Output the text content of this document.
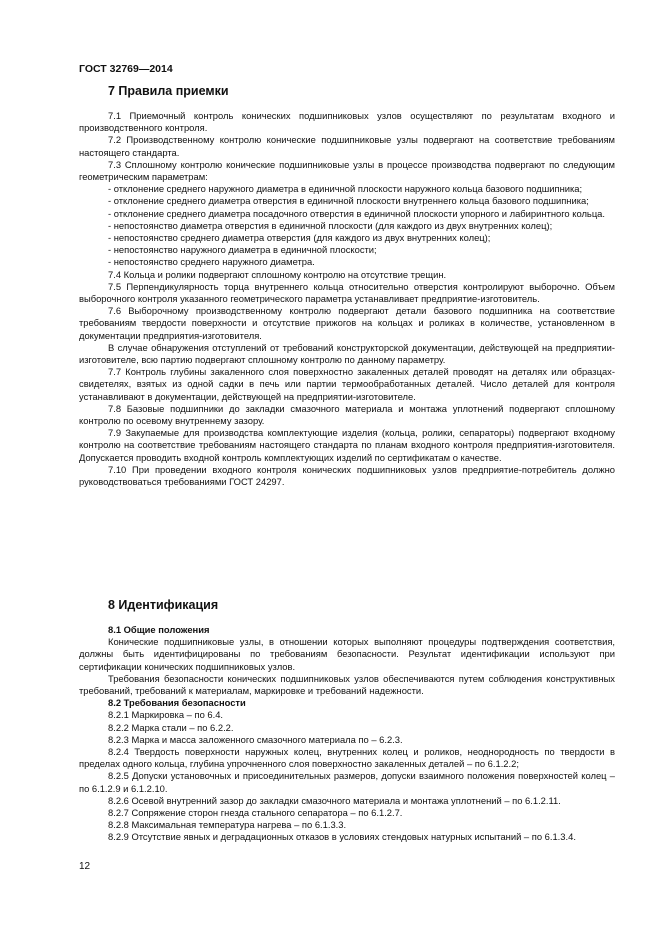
ГОСТ 32769—2014
7 Правила приемки

7.1 Приемочный контроль конических подшипниковых узлов осуществляют по результатам входного и производственного контроля.

7.2 Производственному контролю конические подшипниковые узлы подвергают на соответствие требованиям настоящего стандарта.

7.3 Сплошному контролю конические подшипниковые узлы в процессе производства подвергают по следующим геометрическим параметрам:

- отклонение среднего наружного диаметра в единичной плоскости наружного кольца базового подшипника;

- отклонение среднего диаметра отверстия в единичной плоскости внутреннего кольца базового подшипника;

- отклонение среднего диаметра посадочного отверстия в единичной плоскости упорного и лабиринтного кольца.

- непостоянство диаметра отверстия в единичной плоскости (для каждого из двух внутренних колец);

- непостоянство среднего диаметра отверстия (для каждого из двух внутренних колец);

- непостоянство наружного диаметра в единичной плоскости;

- непостоянство среднего наружного диаметра.

7.4 Кольца и ролики подвергают сплошному контролю на отсутствие трещин.

7.5 Перпендикулярность торца внутреннего кольца относительно отверстия контролируют выборочно. Объем выборочного контроля указанного геометрического параметра устанавливает предприятие-изготовитель.

7.6 Выборочному производственному контролю подвергают детали базового подшипника на соответствие требованиям твердости поверхности и отсутствие прижогов на кольцах и роликах в количестве, установленном в документации предприятия-изготовителя.

В случае обнаружения отступлений от требований конструкторской документации, действующей на предприятии-изготовителе, всю партию подвергают сплошному контролю по данному параметру.

7.7 Контроль глубины закаленного слоя поверхностно закаленных деталей проводят на деталях или образцах-свидетелях, взятых из одной садки в печь или партии термообработанных деталей. Число деталей для контроля устанавливают в документации, действующей на предприятии-изготовителе.

7.8 Базовые подшипники до закладки смазочного материала и монтажа уплотнений подвергают сплошному контролю по осевому внутреннему зазору.

7.9 Закупаемые для производства комплектующие изделия (кольца, ролики, сепараторы) подвергают входному контролю на соответствие требованиям настоящего стандарта по планам входного контроля предприятия-изготовителя. Допускается проводить входной контроль комплектующих изделий по сертификатам о качестве.

7.10 При проведении входного контроля конических подшипниковых узлов предприятие-потребитель должно руководствоваться требованиями ГОСТ 24297.

8 Идентификация

8.1 Общие положения

Конические подшипниковые узлы, в отношении которых выполняют процедуры подтверждения соответствия, должны быть идентифицированы по требованиям безопасности. Результат идентификации используют при сертификации конических подшипниковых узлов.

Требования безопасности конических подшипниковых узлов обеспечиваются путем соблюдения конструктивных требований, требований к материалам, маркировке и требований надежности.

8.2 Требования безопасности

8.2.1 Маркировка – по 6.4.

8.2.2 Марка стали – по 6.2.2.

8.2.3 Марка и масса заложенного смазочного материала по – 6.2.3.

8.2.4 Твердость поверхности наружных колец, внутренних колец и роликов, неоднородность по твердости в пределах одного кольца, глубина упрочненного слоя поверхностно закаленных деталей – по 6.1.2.2;

8.2.5 Допуски установочных и присоединительных размеров, допуски взаимного положения поверхностей колец – по 6.1.2.9 и 6.1.2.10.

8.2.6 Осевой внутренний зазор до закладки смазочного материала и монтажа уплотнений – по 6.1.2.11.

8.2.7 Сопряжение сторон гнезда стального сепаратора – по 6.1.2.7.

8.2.8 Максимальная температура нагрева – по 6.1.3.3.

8.2.9 Отсутствие явных и деградационных отказов в условиях стендовых натурных испытаний – по 6.1.3.4.

12
